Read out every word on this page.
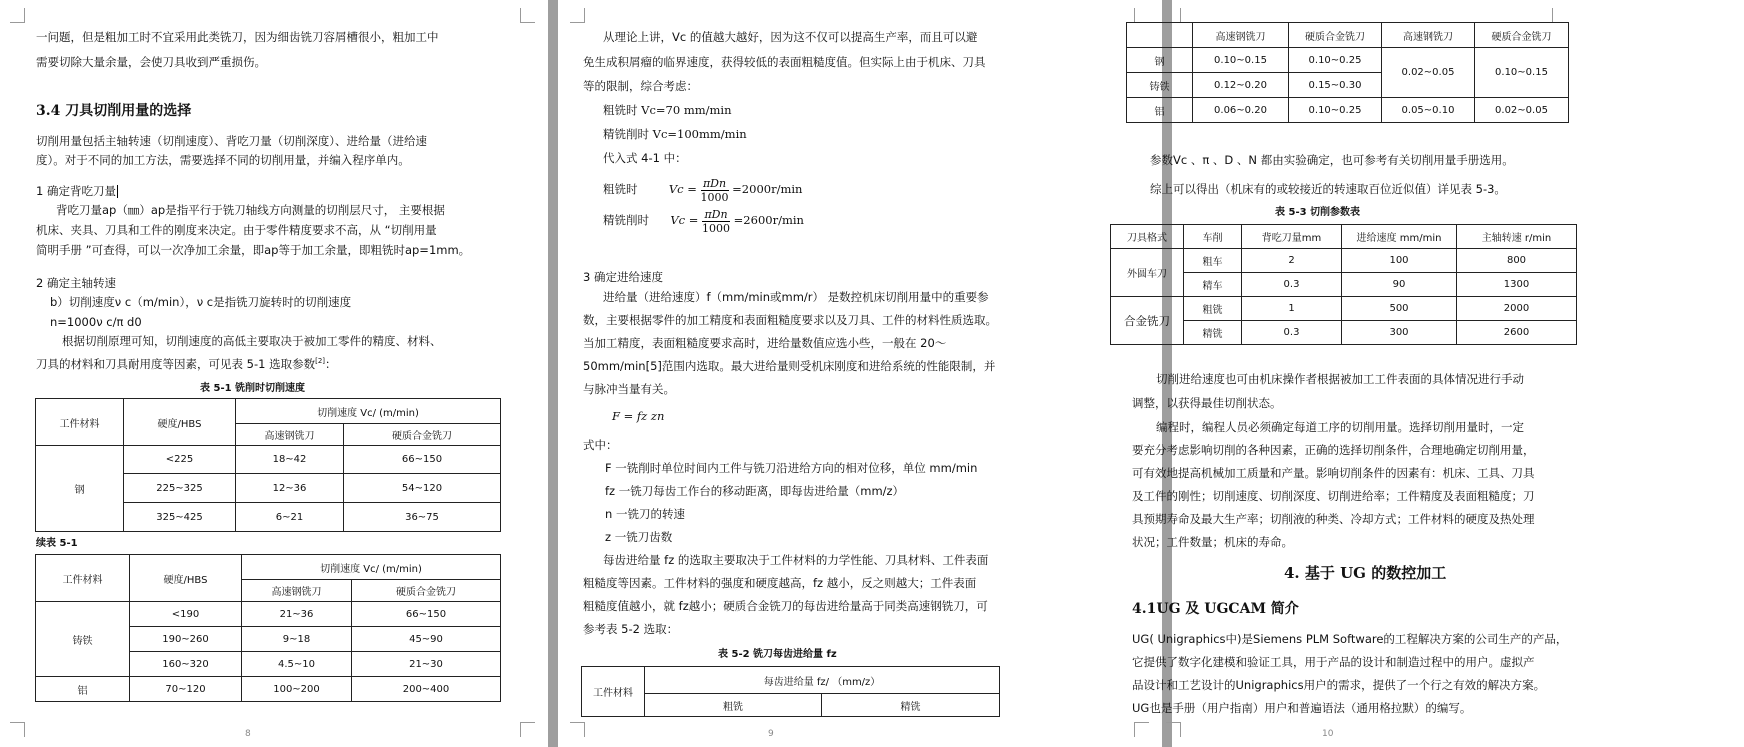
一问题，但是粗加工时不宜采用此类铣刀，因为细齿铣刀容屑槽很小，粗加工中
需要切除大量余量，会使刀具收到严重损伤。
3.4 刀具切削用量的选择
切削用量包括主轴转速（切削速度）、背吃刀量（切削深度）、进给量（进给速
度）。对于不同的加工方法，需要选择不同的切削用量，并编入程序单内。
1 确定背吃刀量
背吃刀量ap（㎜）ap是指平行于铣刀轴线方向测量的切削层尺寸， 主要根据
机床、夹具、刀具和工件的刚度来决定。由于零件精度要求不高，从 “切削用量
简明手册 ”可查得，可以一次净加工余量，即ap等于加工余量，即粗铣时ap=1mm。
2 确定主轴转速
b）切削速度ν c（m/min），ν c是指铣刀旋转时的切削速度
n=1000ν c/π d0
根据切削原理可知，切削速度的高低主要取决于被加工零件的精度、材料、
刀具的材料和刀具耐用度等因素，可见表 5-1 选取参数[2]：
表 5-1 铣削时切削速度
工件材料	硬度/HBS	切削速度 Vc/ (m/min)	
		高速钢铣刀	硬质合金铣刀
钢	<225	18~42	66~150
	225~325	12~36	54~120
	325~425	6~21	36~75
续表 5-1
工件材料	硬度/HBS	切削速度 Vc/ (m/min)	
		高速钢铣刀	硬质合金铣刀
铸铁	<190	21~36	66~150
	190~260	9~18	45~90
	160~320	4.5~10	21~30
铝	70~120	100~200	200~400
8
从理论上讲，Vc 的值越大越好，因为这不仅可以提高生产率，而且可以避
免生成积屑瘤的临界速度，获得较低的表面粗糙度值。但实际上由于机床、刀具
等的限制，综合考虑：
粗铣时 Vc=70 mm/min
精铣削时 Vc=100mm/min
代入式 4-1 中：
粗铣时	$Vc = \frac{\text{πDn}}{1000} =2000r/\min$
精铣削时 $Vc = \frac{\text{πDn}}{1000} =2600r/\min$
3 确定进给速度
进给量（进给速度）f（mm/min或mm/r） 是数控机床切削用量中的重要参
数，主要根据零件的加工精度和表面粗糙度要求以及刀具、工件的材料性质选取。
当加工精度，表面粗糙度要求高时，进给量数值应选小些，一般在 20～
50mm/min[5]范围内选取。最大进给量则受机床刚度和进给系统的性能限制，并
与脉冲当量有关。
F = fz zn
式中：
F 一铣削时单位时间内工件与铣刀沿进给方向的相对位移，单位 mm/min
fz 一铣刀每齿工作台的移动距离，即每齿进给量（mm/z）
n 一铣刀的转速
z 一铣刀齿数
每齿进给量 fz 的选取主要取决于工件材料的力学性能、刀具材料、工件表面
粗糙度等因素。工件材料的强度和硬度越高，fz 越小，反之则越大；工件表面
粗糙度值越小，就 fz越小；硬质合金铣刀的每齿进给量高于同类高速钢铣刀，可
参考表 5-2 选取：
表 5-2 铣刀每齿进给量 fz
工件材料	每齿进给量 fz/ （mm/z）	
	粗铣	精铣
9
	高速钢铣刀	硬质合金铣刀	高速钢铣刀	硬质合金铣刀
钢	0.10~0.15	0.10~0.25	0.02~0.05	0.10~0.15
铸铁	0.12~0.20	0.15~0.30		
铝	0.06~0.20	0.10~0.25	0.05~0.10	0.02~0.05
参数Vc 、π 、D 、N 都由实验确定，也可参考有关切削用量手册选用。
综上可以得出（机床有的或较接近的转速取百位近似值）详见表 5-3。
表 5-3 切削参数表
刀具格式	车削	背吃刀量mm	进给速度 mm/min	主轴转速 r/min
外圆车刀	粗车	2	100	800
	精车	0.3	90	1300
合金铣刀	粗铣	1	500	2000
	精铣	0.3	300	2600
切削进给速度也可由机床操作者根据被加工工件表面的具体情况进行手动
调整，以获得最佳切削状态。
编程时，编程人员必须确定每道工序的切削用量。选择切削用量时，一定
要充分考虑影响切削的各种因素，正确的选择切削条件，合理地确定切削用量，
可有效地提高机械加工质量和产量。影响切削条件的因素有：机床、工具、刀具
及工件的刚性；切削速度、切削深度、切削进给率；工件精度及表面粗糙度；刀
具预期寿命及最大生产率；切削液的种类、冷却方式；工件材料的硬度及热处理
状况；工件数量；机床的寿命。
4. 基于 UG 的数控加工
4.1UG 及 UGCAM 简介
UG( Unigraphics中)是Siemens PLM Software的工程解决方案的公司生产的产品，
它提供了数字化建模和验证工具，用于产品的设计和制造过程中的用户。虚拟产
品设计和工艺设计的Unigraphics用户的需求，提供了一个行之有效的解决方案。
UG也是手册（用户指南）用户和普遍语法（通用格拉默）的编写。
10
